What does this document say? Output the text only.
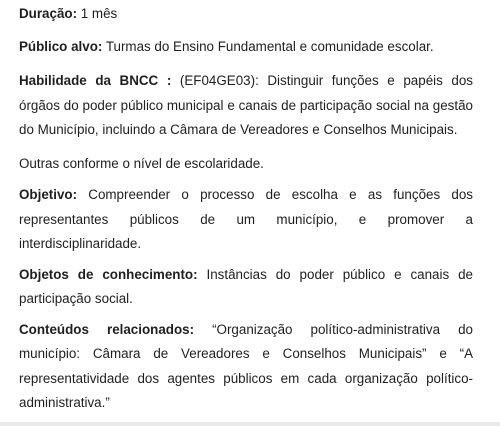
Duração: 1 mês

Público alvo: Turmas do Ensino Fundamental e comunidade escolar.

Habilidade da BNCC : (EF04GE03): Distinguir funções e papéis dos órgãos do poder público municipal e canais de participação social na gestão do Município, incluindo a Câmara de Vereadores e Conselhos Municipais.

Outras conforme o nível de escolaridade.

Objetivo: Compreender o processo de escolha e as funções dos representantes públicos de um município, e promover a interdisciplinaridade.

Objetos de conhecimento: Instâncias do poder público e canais de participação social.

Conteúdos relacionados: “Organização político-administrativa do município: Câmara de Vereadores e Conselhos Municipais” e “A representatividade dos agentes públicos em cada organização político-administrativa.”
